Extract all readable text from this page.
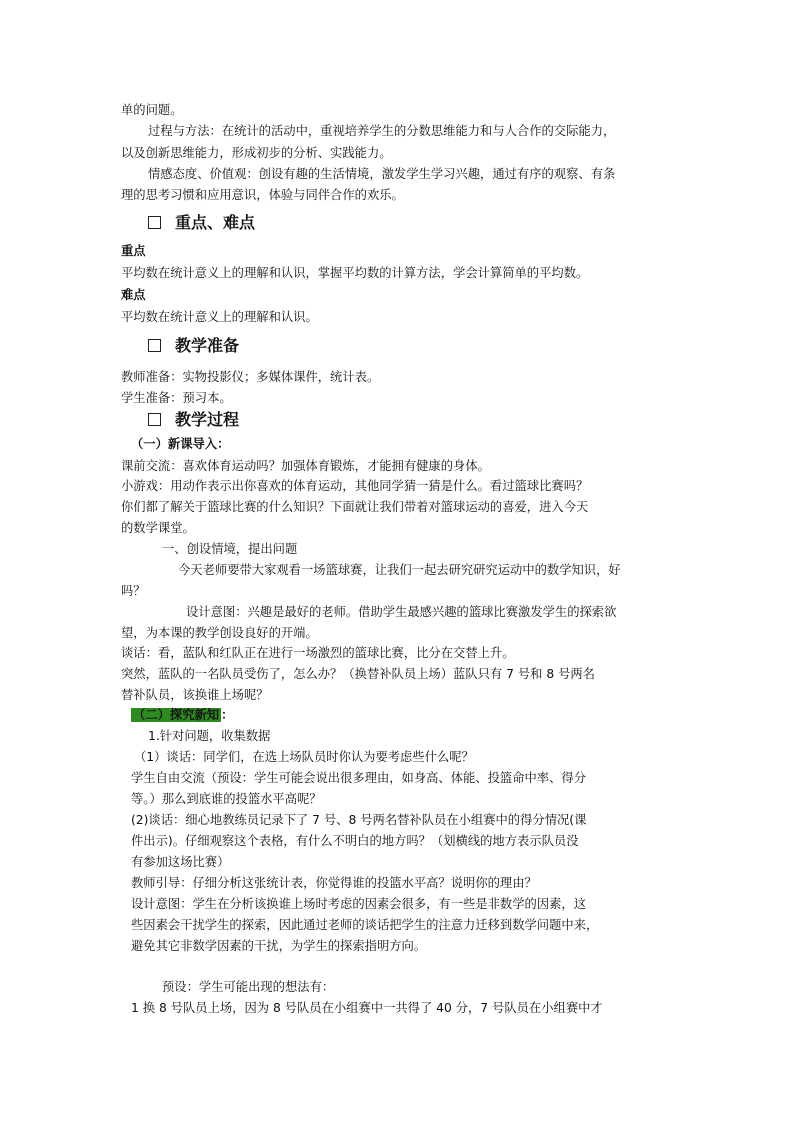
单的问题。
过程与方法：在统计的活动中，重视培养学生的分数思维能力和与人合作的交际能力，
以及创新思维能力，形成初步的分析、实践能力。
情感态度、价值观：创设有趣的生活情境，激发学生学习兴趣，通过有序的观察、有条
理的思考习惯和应用意识，体验与同伴合作的欢乐。
重点、难点
重点
平均数在统计意义上的理解和认识，掌握平均数的计算方法，学会计算简单的平均数。
难点
平均数在统计意义上的理解和认识。
教学准备
教师准备：实物投影仪；多媒体课件，统计表。
学生准备：预习本。
教学过程
（一）新课导入：
课前交流：喜欢体育运动吗？加强体育锻炼，才能拥有健康的身体。
小游戏：用动作表示出你喜欢的体育运动，其他同学猜一猜是什么。看过篮球比赛吗？
你们都了解关于篮球比赛的什么知识？下面就让我们带着对篮球运动的喜爱，进入今天
的数学课堂。
一、创设情境，提出问题
今天老师要带大家观看一场篮球赛，让我们一起去研究研究运动中的数学知识，好
吗？
设计意图：兴趣是最好的老师。借助学生最感兴趣的篮球比赛激发学生的探索欲
望，为本课的教学创设良好的开端。
谈话：看，蓝队和红队正在进行一场激烈的篮球比赛，比分在交替上升。
突然，蓝队的一名队员受伤了，怎么办？（换替补队员上场）蓝队只有 7 号和 8 号两名
替补队员，该换谁上场呢？
（二）探究新知 ：
1.针对问题，收集数据
（1）谈话：同学们，在选上场队员时你认为要考虑些什么呢？
学生自由交流（预设：学生可能会说出很多理由，如身高、体能、投篮命中率、得分
等。）那么到底谁的投篮水平高呢？
(2)谈话：细心地教练员记录下了 7 号、8 号两名替补队员在小组赛中的得分情况(课
件出示)。仔细观察这个表格，有什么不明白的地方吗？（划横线的地方表示队员没
有参加这场比赛）
教师引导：仔细分析这张统计表，你觉得谁的投篮水平高？说明你的理由？
设计意图：学生在分析该换谁上场时考虑的因素会很多，有一些是非数学的因素，这
些因素会干扰学生的探索，因此通过老师的谈话把学生的注意力迁移到数学问题中来，
避免其它非数学因素的干扰，为学生的探索指明方向。
预设：学生可能出现的想法有：
1 换 8 号队员上场，因为 8 号队员在小组赛中一共得了 40 分，7 号队员在小组赛中才
